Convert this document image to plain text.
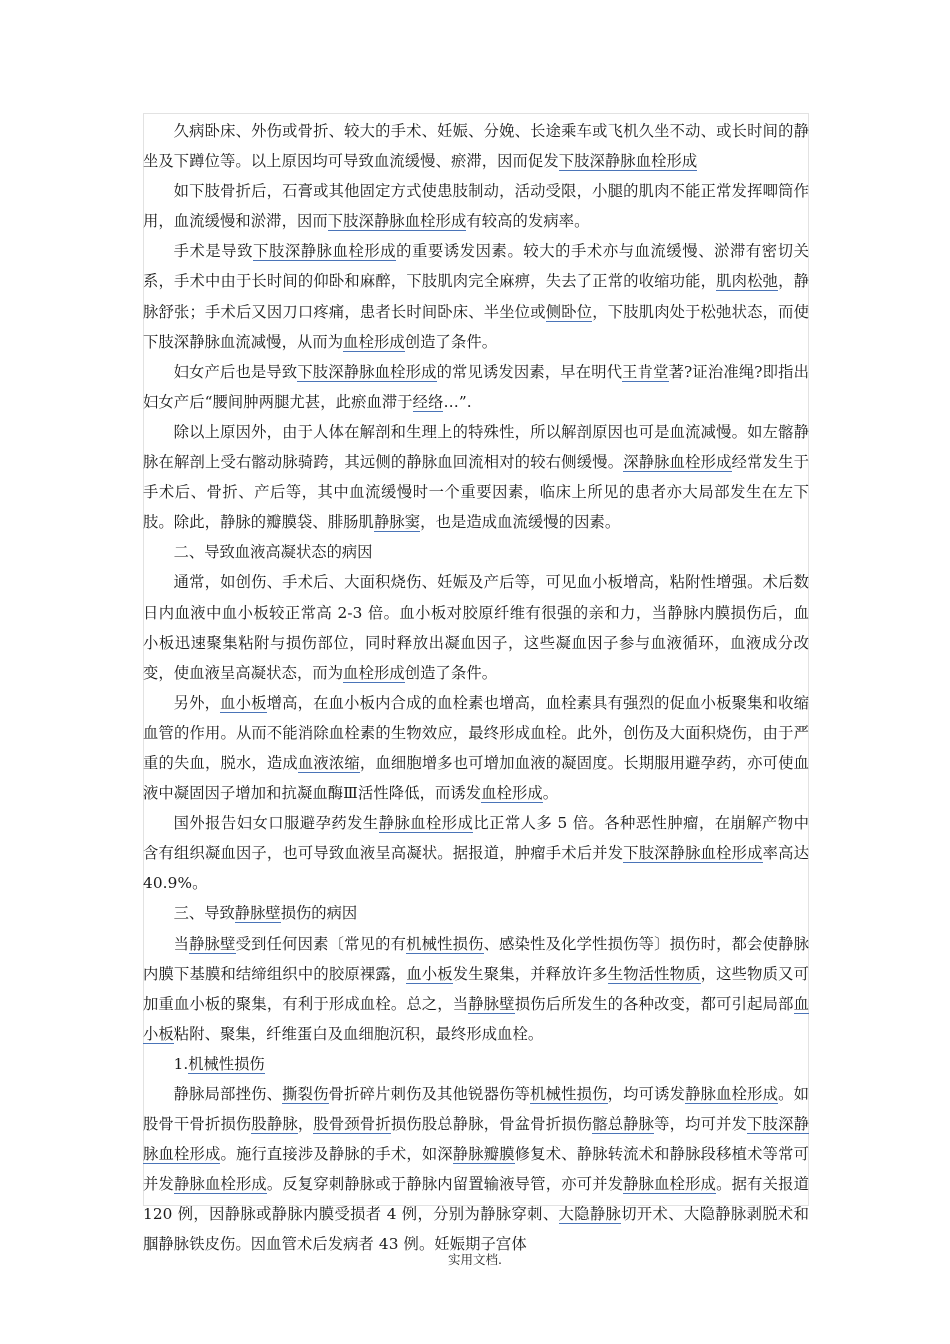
久病卧床、外伤或骨折、较大的手术、妊娠、分娩、长途乘车或飞机久坐不动、或长时间的静坐及下蹲位等。以上原因均可导致血流缓慢、瘀滞，因而促发下肢深静脉血栓形成

如下肢骨折后，石膏或其他固定方式使患肢制动，活动受限，小腿的肌肉不能正常发挥唧筒作用，血流缓慢和淤滞，因而下肢深静脉血栓形成有较高的发病率。

手术是导致下肢深静脉血栓形成的重要诱发因素。较大的手术亦与血流缓慢、淤滞有密切关系，手术中由于长时间的仰卧和麻醉，下肢肌肉完全麻痹，失去了正常的收缩功能，肌肉松弛，静脉舒张；手术后又因刀口疼痛，患者长时间卧床、半坐位或侧卧位，下肢肌肉处于松弛状态，而使下肢深静脉血流减慢，从而为血栓形成创造了条件。

妇女产后也是导致下肢深静脉血栓形成的常见诱发因素，早在明代王肯堂著?证治准绳?即指出妇女产后“腰间肿两腿尤甚，此瘀血滞于经络…”.

除以上原因外，由于人体在解剖和生理上的特殊性，所以解剖原因也可是血流减慢。如左髂静脉在解剖上受右髂动脉骑跨，其远侧的静脉血回流相对的较右侧缓慢。深静脉血栓形成经常发生于手术后、骨折、产后等，其中血流缓慢时一个重要因素，临床上所见的患者亦大局部发生在左下肢。除此，静脉的瓣膜袋、腓肠肌静脉窦，也是造成血流缓慢的因素。

二、导致血液高凝状态的病因

通常，如创伤、手术后、大面积烧伤、妊娠及产后等，可见血小板增高，粘附性增强。术后数日内血液中血小板较正常高 2-3 倍。血小板对胶原纤维有很强的亲和力，当静脉内膜损伤后，血小板迅速聚集粘附与损伤部位，同时释放出凝血因子，这些凝血因子参与血液循环，血液成分改变，使血液呈高凝状态，而为血栓形成创造了条件。

另外，血小板增高，在血小板内合成的血栓素也增高，血栓素具有强烈的促血小板聚集和收缩血管的作用。从而不能消除血栓素的生物效应，最终形成血栓。此外，创伤及大面积烧伤，由于严重的失血，脱水，造成血液浓缩，血细胞增多也可增加血液的凝固度。长期服用避孕药，亦可使血液中凝固因子增加和抗凝血酶Ⅲ活性降低，而诱发血栓形成。

国外报告妇女口服避孕药发生静脉血栓形成比正常人多 5 倍。各种恶性肿瘤，在崩解产物中含有组织凝血因子，也可导致血液呈高凝状。据报道，肿瘤手术后并发下肢深静脉血栓形成率高达 40.9%。

三、导致静脉壁损伤的病因

当静脉壁受到任何因素〔常见的有机械性损伤、感染性及化学性损伤等〕损伤时，都会使静脉内膜下基膜和结缔组织中的胶原裸露，血小板发生聚集，并释放许多生物活性物质，这些物质又可加重血小板的聚集，有利于形成血栓。总之，当静脉壁损伤后所发生的各种改变，都可引起局部血小板粘附、聚集，纤维蛋白及血细胞沉积，最终形成血栓。

1.机械性损伤

静脉局部挫伤、撕裂伤骨折碎片刺伤及其他锐器伤等机械性损伤，均可诱发静脉血栓形成。如股骨干骨折损伤股静脉，股骨颈骨折损伤股总静脉，骨盆骨折损伤髂总静脉等，均可并发下肢深静脉血栓形成。施行直接涉及静脉的手术，如深静脉瓣膜修复术、静脉转流术和静脉段移植术等常可并发静脉血栓形成。反复穿刺静脉或于静脉内留置输液导管，亦可并发静脉血栓形成。据有关报道 120 例，因静脉或静脉内膜受损者 4 例，分别为静脉穿刺、大隐静脉切开术、大隐静脉剥脱术和腘静脉铁皮伤。因血管术后发病者 43 例。妊娠期子宫体

实用文档.
